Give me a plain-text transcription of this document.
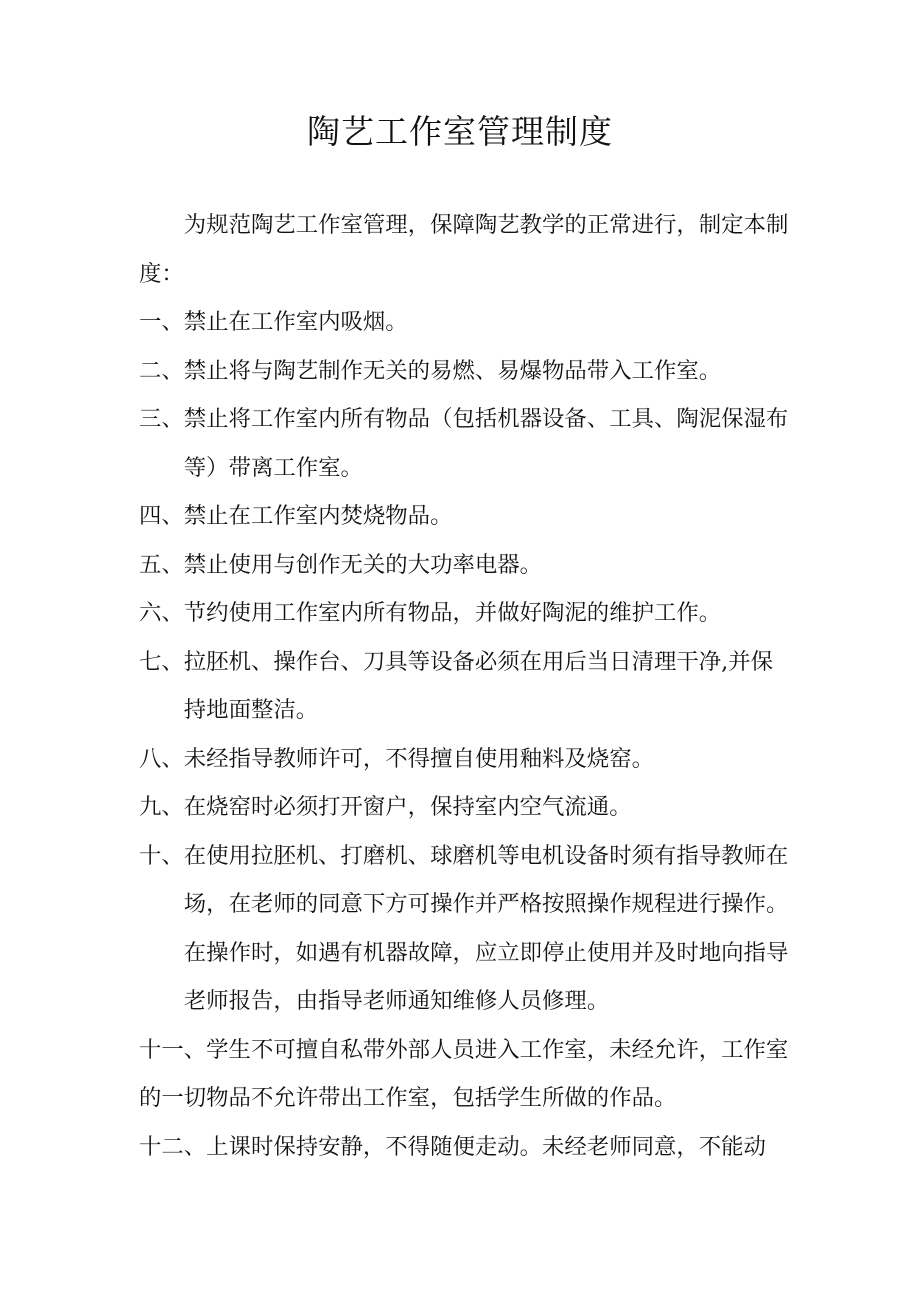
陶艺工作室管理制度

为规范陶艺工作室管理，保障陶艺教学的正常进行，制定本制度：

一、禁止在工作室内吸烟。

二、禁止将与陶艺制作无关的易燃、易爆物品带入工作室。

三、禁止将工作室内所有物品（包括机器设备、工具、陶泥保湿布等）带离工作室。

四、禁止在工作室内焚烧物品。

五、禁止使用与创作无关的大功率电器。

六、节约使用工作室内所有物品，并做好陶泥的维护工作。

七、拉胚机、操作台、刀具等设备必须在用后当日清理干净,并保持地面整洁。

八、未经指导教师许可，不得擅自使用釉料及烧窑。

九、在烧窑时必须打开窗户，保持室内空气流通。

十、在使用拉胚机、打磨机、球磨机等电机设备时须有指导教师在场，在老师的同意下方可操作并严格按照操作规程进行操作。在操作时，如遇有机器故障，应立即停止使用并及时地向指导老师报告，由指导老师通知维修人员修理。

十一、学生不可擅自私带外部人员进入工作室，未经允许，工作室的一切物品不允许带出工作室，包括学生所做的作品。

十二、上课时保持安静，不得随便走动。未经老师同意，不能动
